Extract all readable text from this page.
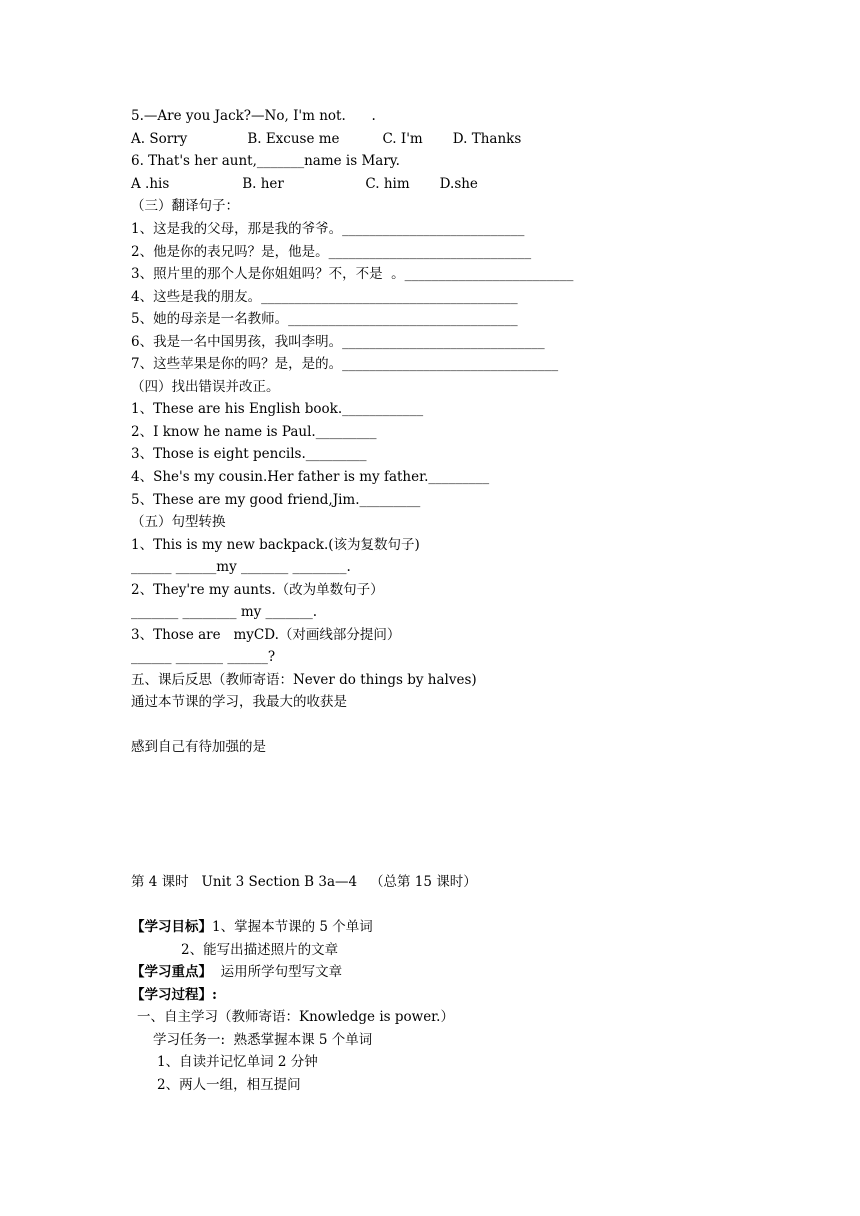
5.—Are you Jack?—No, I'm not.      .
A. Sorry              B. Excuse me          C. I'm       D. Thanks
6. That's her aunt,_______name is Mary.
A .his                 B. her                   C. him       D.she
（三）翻译句子：
1、这是我的父母，那是我的爷爷。___________________________
2、他是你的表兄吗？是，他是。______________________________
3、照片里的那个人是你姐姐吗？不，不是  。_________________________
4、这些是我的朋友。______________________________________
5、她的母亲是一名教师。__________________________________
6、我是一名中国男孩，我叫李明。______________________________
7、这些苹果是你的吗？是，是的。________________________________
（四）找出错误并改正。
1、These are his English book.____________
2、I know he name is Paul._________
3、Those is eight pencils._________
4、She's my cousin.Her father is my father._________
5、These are my good friend,Jim._________
（五）句型转换
1、This is my new backpack.(该为复数句子)
______ ______my _______ ________.
2、They're my aunts.（改为单数句子）
_______ ________ my _______.
3、Those are   myCD.（对画线部分提问）
______ _______ ______?
五、课后反思（教师寄语：Never do things by halves)
通过本节课的学习，我最大的收获是
感到自己有待加强的是
第 4 课时   Unit 3 Section B 3a—4   （总第 15 课时）
【学习目标】1、掌握本节课的 5 个单词
2、能写出描述照片的文章
【学习重点】  运用所学句型写文章
【学习过程】:
一、自主学习（教师寄语：Knowledge is power.）
学习任务一:  熟悉掌握本课 5 个单词
1、自读并记忆单词 2 分钟
2、两人一组，相互提问
